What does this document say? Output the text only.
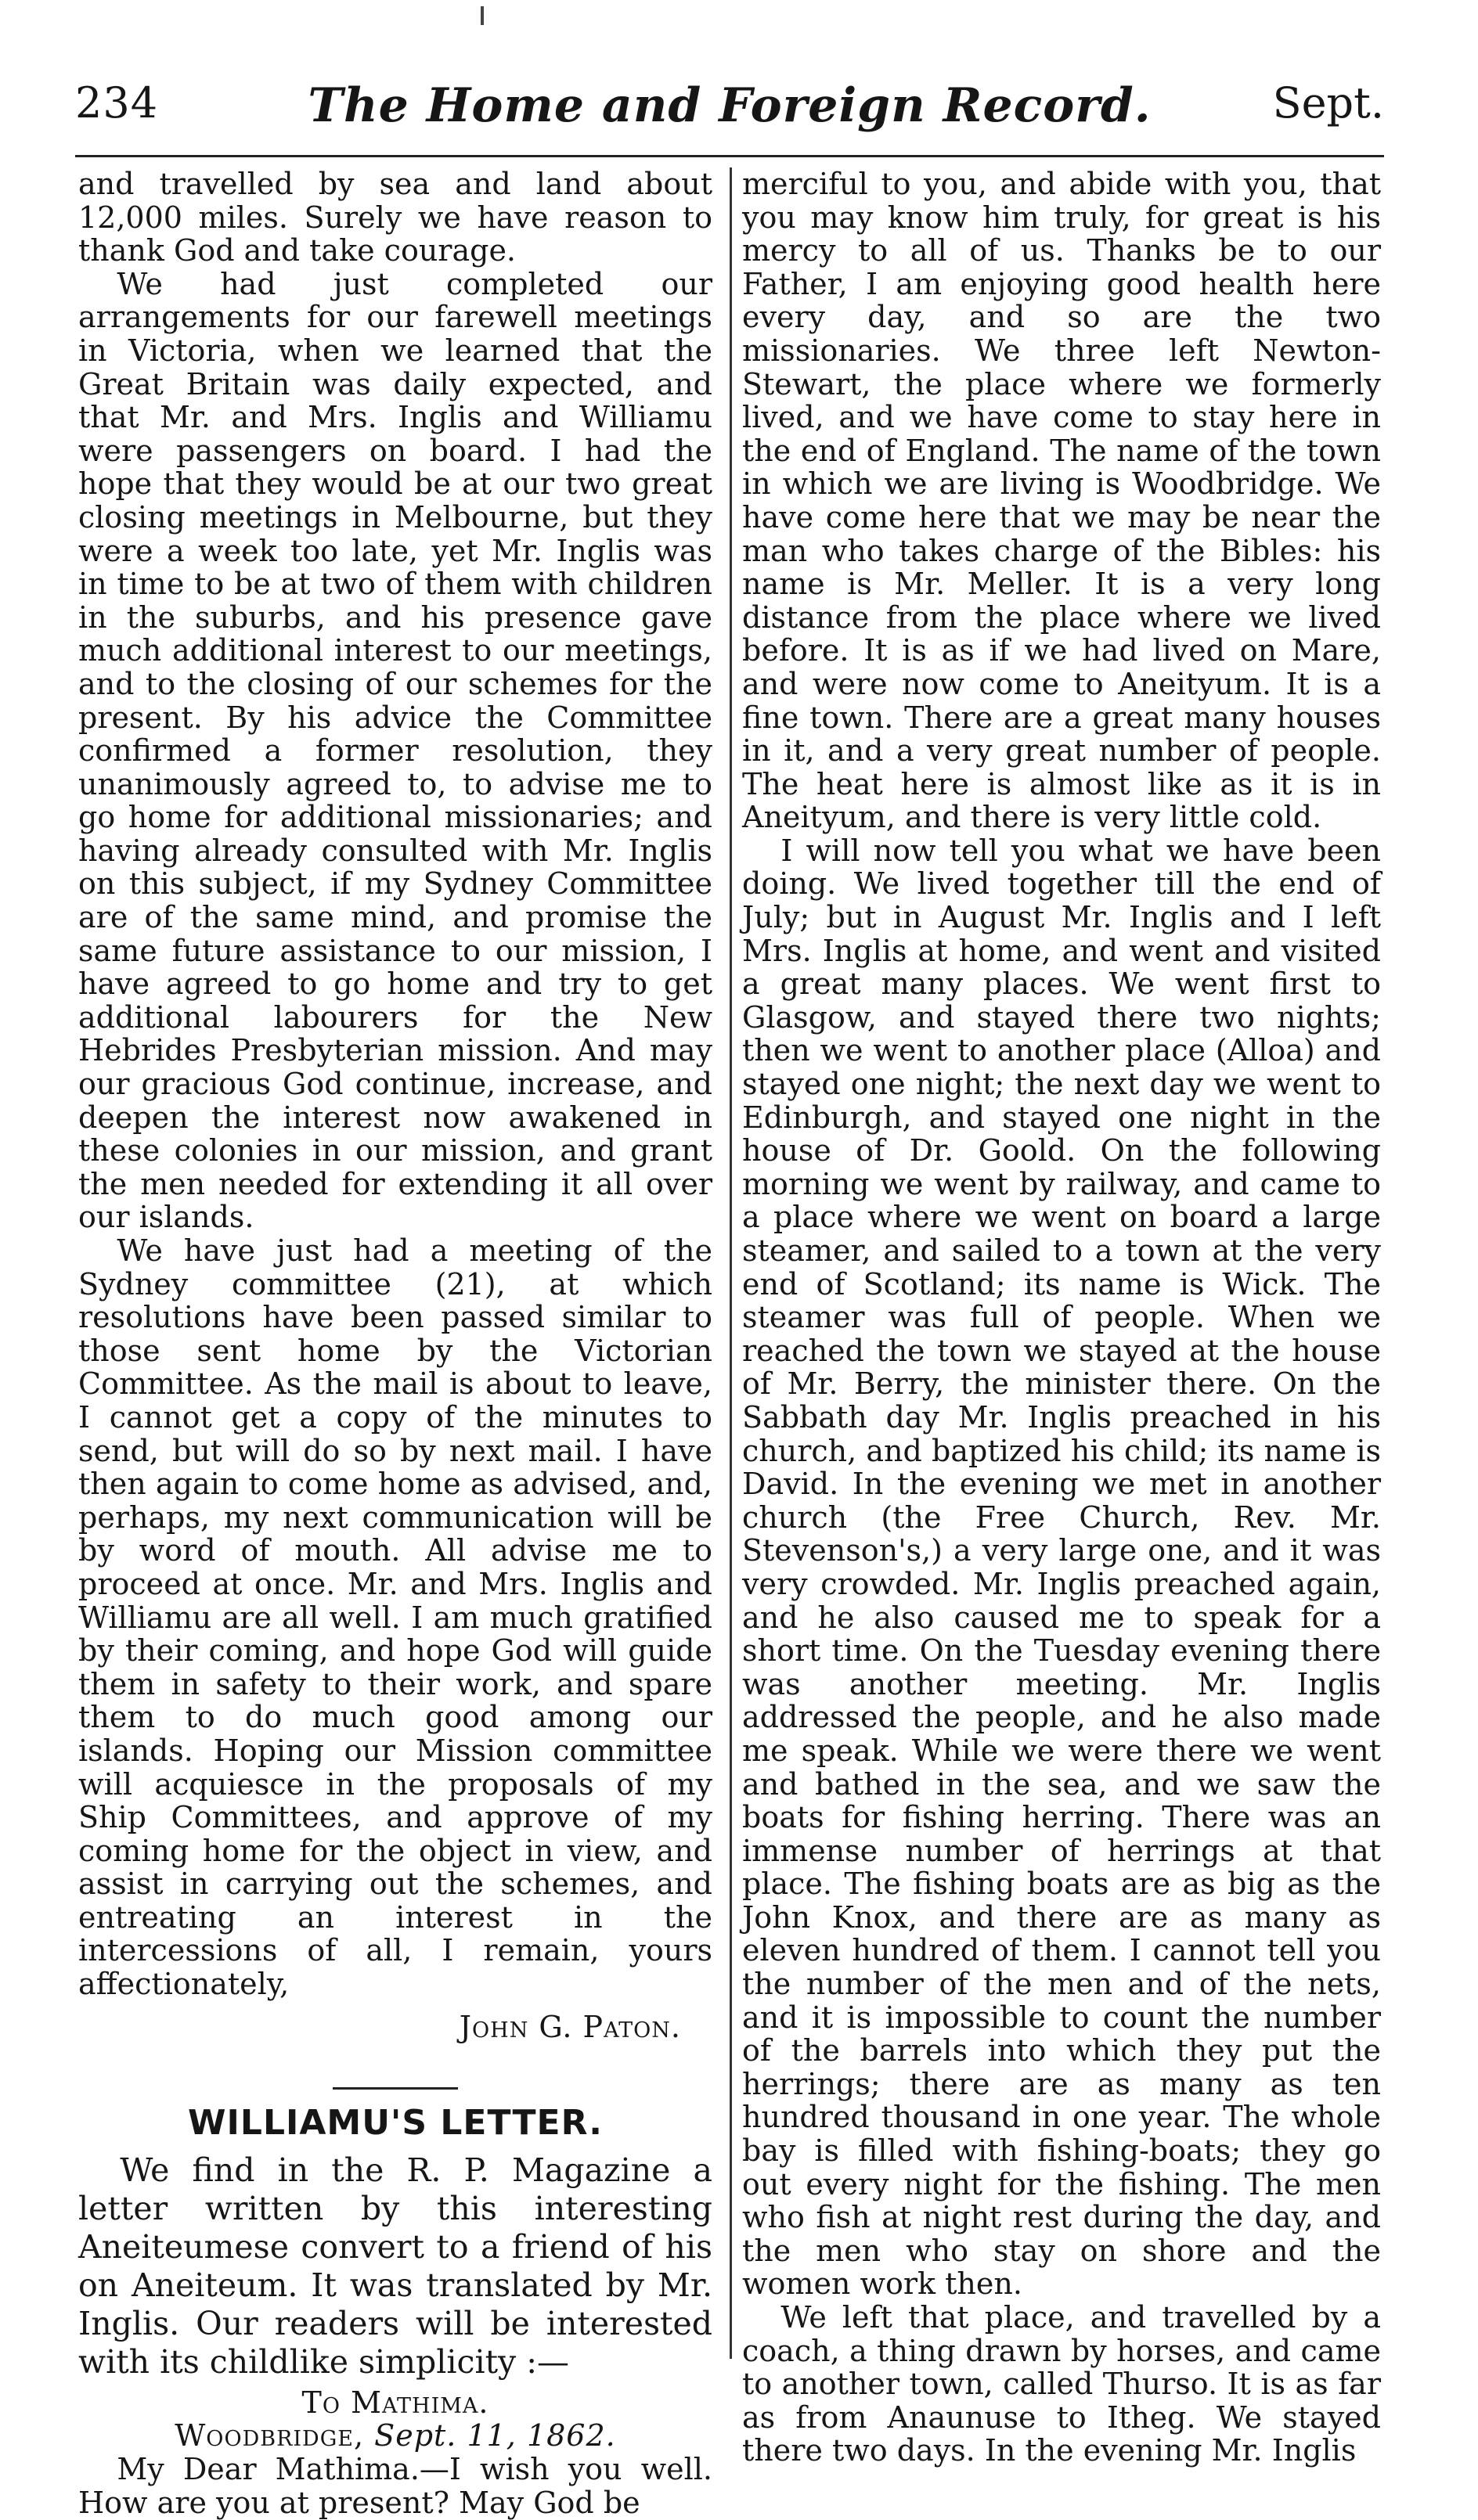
234	The Home and Foreign Record.	Sept.

and travelled by sea and land about 12,000 miles. Surely we have reason to thank God and take courage.

We had just completed our arrangements for our farewell meetings in Victoria, when we learned that the Great Britain was daily expected, and that Mr. and Mrs. Inglis and Williamu were passengers on board. I had the hope that they would be at our two great closing meetings in Melbourne, but they were a week too late, yet Mr. Inglis was in time to be at two of them with children in the suburbs, and his presence gave much additional interest to our meetings, and to the closing of our schemes for the present. By his advice the Committee confirmed a former resolution, they unanimously agreed to, to advise me to go home for additional missionaries; and having already consulted with Mr. Inglis on this subject, if my Sydney Committee are of the same mind, and promise the same future assistance to our mission, I have agreed to go home and try to get additional labourers for the New Hebrides Presbyterian mission. And may our gracious God continue, increase, and deepen the interest now awakened in these colonies in our mission, and grant the men needed for extending it all over our islands.

We have just had a meeting of the Sydney committee (21), at which resolutions have been passed similar to those sent home by the Victorian Committee. As the mail is about to leave, I cannot get a copy of the minutes to send, but will do so by next mail. I have then again to come home as advised, and, perhaps, my next communication will be by word of mouth. All advise me to proceed at once. Mr. and Mrs. Inglis and Williamu are all well. I am much gratified by their coming, and hope God will guide them in safety to their work, and spare them to do much good among our islands. Hoping our Mission committee will acquiesce in the proposals of my Ship Committees, and approve of my coming home for the object in view, and assist in carrying out the schemes, and entreating an interest in the intercessions of all, I remain, yours affectionately,

John G. Paton.

WILLIAMU'S LETTER.

We find in the R. P. Magazine a letter written by this interesting Aneiteumese convert to a friend of his on Aneiteum. It was translated by Mr. Inglis. Our readers will be interested with its childlike simplicity :—

To Mathima.

Woodbridge, Sept. 11, 1862.

My Dear Mathima.—I wish you well. How are you at present? May God be

merciful to you, and abide with you, that you may know him truly, for great is his mercy to all of us. Thanks be to our Father, I am enjoying good health here every day, and so are the two missionaries. We three left Newton-Stewart, the place where we formerly lived, and we have come to stay here in the end of England. The name of the town in which we are living is Woodbridge. We have come here that we may be near the man who takes charge of the Bibles: his name is Mr. Meller. It is a very long distance from the place where we lived before. It is as if we had lived on Mare, and were now come to Aneityum. It is a fine town. There are a great many houses in it, and a very great number of people. The heat here is almost like as it is in Aneityum, and there is very little cold.

I will now tell you what we have been doing. We lived together till the end of July; but in August Mr. Inglis and I left Mrs. Inglis at home, and went and visited a great many places. We went first to Glasgow, and stayed there two nights; then we went to another place (Alloa) and stayed one night; the next day we went to Edinburgh, and stayed one night in the house of Dr. Goold. On the following morning we went by railway, and came to a place where we went on board a large steamer, and sailed to a town at the very end of Scotland; its name is Wick. The steamer was full of people. When we reached the town we stayed at the house of Mr. Berry, the minister there. On the Sabbath day Mr. Inglis preached in his church, and baptized his child; its name is David. In the evening we met in another church (the Free Church, Rev. Mr. Stevenson's,) a very large one, and it was very crowded. Mr. Inglis preached again, and he also caused me to speak for a short time. On the Tuesday evening there was another meeting. Mr. Inglis addressed the people, and he also made me speak. While we were there we went and bathed in the sea, and we saw the boats for fishing herring. There was an immense number of herrings at that place. The fishing boats are as big as the John Knox, and there are as many as eleven hundred of them. I cannot tell you the number of the men and of the nets, and it is impossible to count the number of the barrels into which they put the herrings; there are as many as ten hundred thousand in one year. The whole bay is filled with fishing-boats; they go out every night for the fishing. The men who fish at night rest during the day, and the men who stay on shore and the women work then.

We left that place, and travelled by a coach, a thing drawn by horses, and came to another town, called Thurso. It is as far as from Anaunuse to Itheg. We stayed there two days. In the evening Mr. Inglis
